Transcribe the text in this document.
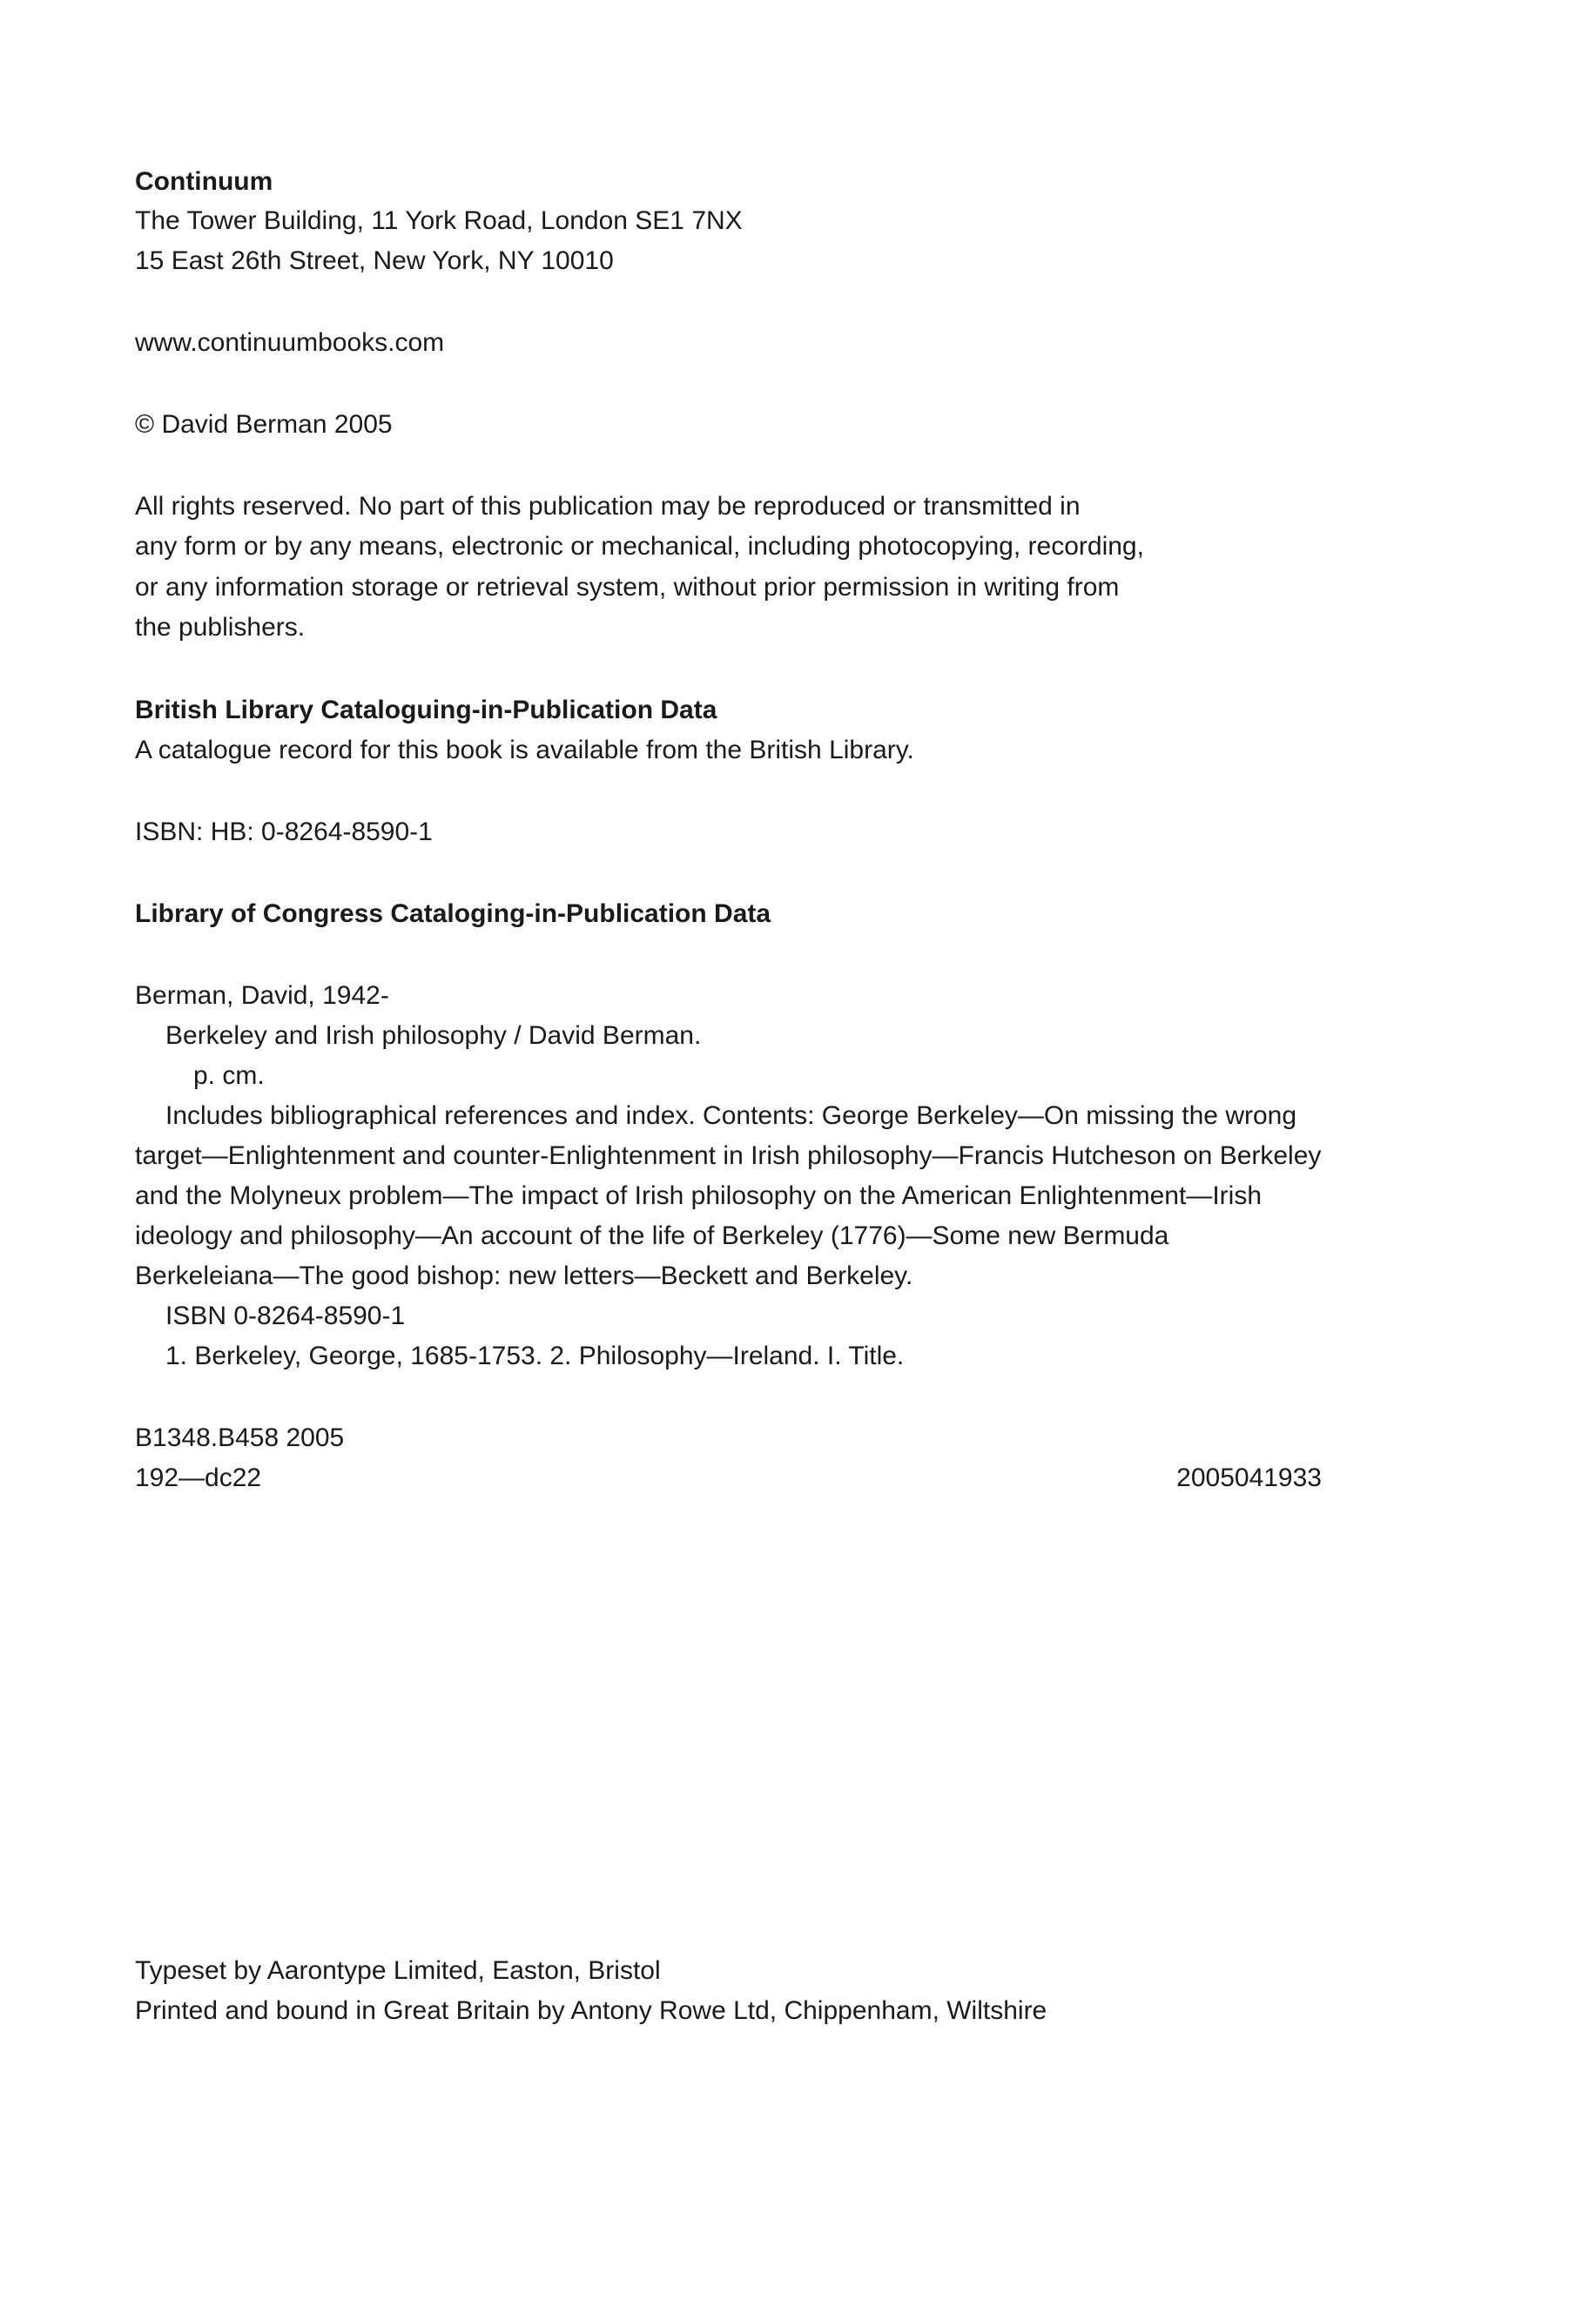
Continuum

The Tower Building, 11 York Road, London SE1 7NX

15 East 26th Street, New York, NY 10010

www.continuumbooks.com

© David Berman 2005

All rights reserved. No part of this publication may be reproduced or transmitted in

any form or by any means, electronic or mechanical, including photocopying, recording,

or any information storage or retrieval system, without prior permission in writing from

the publishers.

British Library Cataloguing-in-Publication Data

A catalogue record for this book is available from the British Library.

ISBN: HB: 0-8264-8590-1

Library of Congress Cataloging-in-Publication Data

Berman, David, 1942-

Berkeley and Irish philosophy / David Berman.

p. cm.

Includes bibliographical references and index. Contents: George Berkeley—On missing the wrong

target—Enlightenment and counter-Enlightenment in Irish philosophy—Francis Hutcheson on Berkeley

and the Molyneux problem—The impact of Irish philosophy on the American Enlightenment—Irish

ideology and philosophy—An account of the life of Berkeley (1776)—Some new Bermuda

Berkeleiana—The good bishop: new letters—Beckett and Berkeley.

ISBN 0-8264-8590-1

1. Berkeley, George, 1685-1753. 2. Philosophy—Ireland. I. Title.

B1348.B458 2005

192—dc22	2005041933

Typeset by Aarontype Limited, Easton, Bristol

Printed and bound in Great Britain by Antony Rowe Ltd, Chippenham, Wiltshire
